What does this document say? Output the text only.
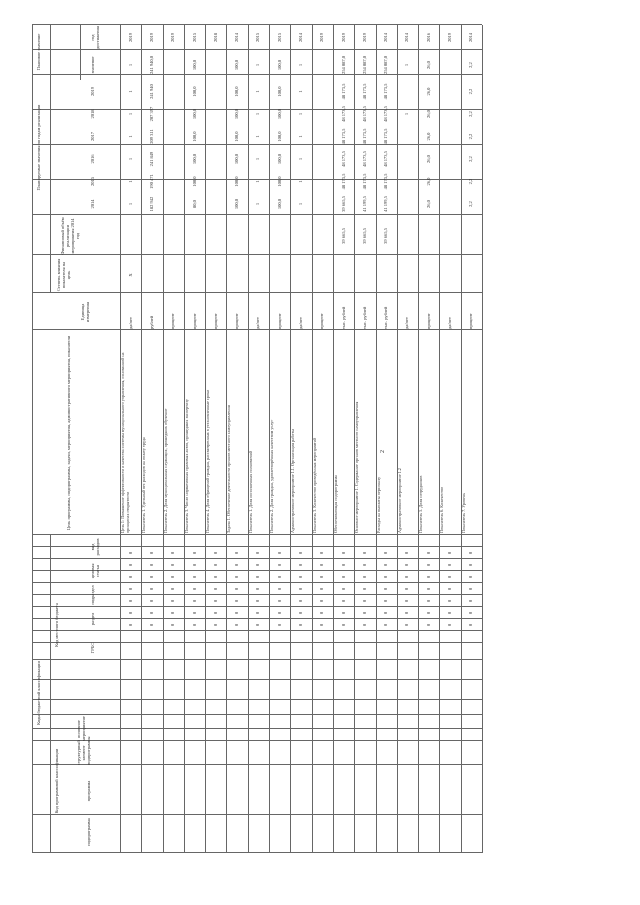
2
Коды бюджетной классификации
Код программной классификации
Код местного бюджета
подпрограмма
программа
структурный элемент подпрограммы
основное мероприятие
ГРБС
раздел
подраздел
целевая статья
вид расходов
Цель программы, подпрограммы, задачи, мероприятия, административного мероприятия, показатели
Единица измерения
Степень влияния показателя на цель
Финансовый объём реализации мероприятия 2014 год
Планируемые значения по годам реализации
2014
2015
2016
2017
2018
2019
Плановое значение	значение
год достижения
0
0
0
0
0
0
0
Цель 1: Повышение эффективности и качества системы муниципального управления, основанной на принципах открытости
да/нет
X
1
1
1
1
1
1
1
2019
0
0
0
0
0
0
0
Показатель 1. Удельный вес расходов на оплату труда
рублей
182 942
190 471
241 849
209 311
207 397
241 940
241 940,0
2019
0
0
0
0
0
0
0
Показатель 2. Доля муниципальных служащих, прошедших обучение
процент
2019
0
0
0
0
0
0
0
Показатель 3. Число нормативных правовых актов, прошедших экспертизу
процент
80,0
100,0
100,0
100,0
100,0
100,0
100,0
2015
0
0
0
0
0
0
0
Показатель 4. Доля обращений граждан, рассмотренных в установленные сроки
процент
2018
0
0
0
0
0
0
0
Задача 1. Обеспечение деятельности органов местного самоуправления
процент
100,0
100,0
100,0
100,0
100,0
100,0
100,0
2014
0
0
0
0
0
0
0
Показатель 1. Доля исполненных полномочий
да/нет
1
1
1
1
1
1
1
2015
0
0
0
0
0
0
0
Показатель 2. Доля граждан, удовлетворённых качеством услуг
процент
100,0
100,0
100,0
100,0
100,0
100,0
100,0
2015
0
0
0
0
0
0
0
Административное мероприятие 1.1. Организация работы
да/нет
1
1
1
1
1
1
1
2014
0
0
0
0
0
0
0
Показатель 3. Количество проведённых мероприятий
процент
2019
0
0
0
0
0
0
0
Обеспечивающая подпрограмма
тыс. рублей
39 665,5
39 665,5
48 173,5
48 173,5
48 173,5
48 173,5
48 173,5
254 087,0
2019
0
0
0
0
0
0
0
Основное мероприятие 1. Содержание органов местного самоуправления
тыс. рублей
39 665,5
41 199,5
48 173,5
48 173,5
48 173,5
48 173,5
48 173,5
254 087,0
2019
0
0
0
0
0
0
0
Расходы на выплаты персоналу
тыс. рублей
39 665,5
41 199,5
48 173,5
48 173,5
48 173,5
48 173,5
48 173,5
254 087,0
2014
0
0
0
0
0
0
0
Административное мероприятие 1.2
да/нет
1
1
2014
0
0
0
0
0
0
0
Показатель 5. Доля сотрудников
процент
26,0
26,0
26,0
26,0
26,0
26,0
26,0
2016
0
0
0
0
0
0
0
Показатель 6. Количество
да/нет
2019
0
0
0
0
0
0
0
Показатель 7. Уровень
процент
2,2
2,2
2,2
2,2
2,2
2,2
2,2
2014
